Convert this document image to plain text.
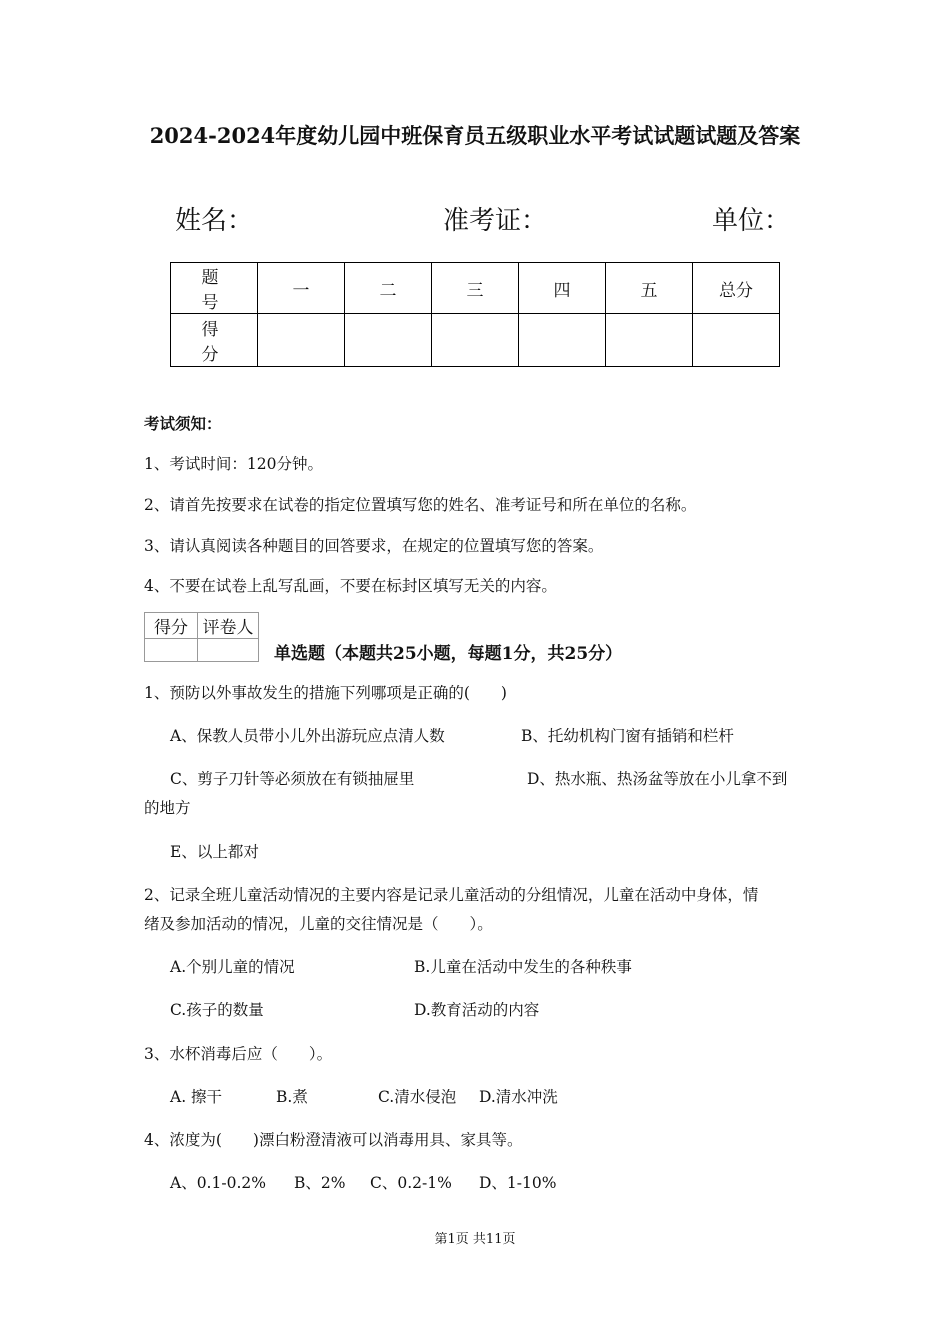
2024-2024年度幼儿园中班保育员五级职业水平考试试题试题及答案
姓名：	准考证：	单位：
题 号	一	二	三	四	五	总分
得 分						
考试须知：
1、考试时间：120分钟。
2、请首先按要求在试卷的指定位置填写您的姓名、准考证号和所在单位的名称。
3、请认真阅读各种题目的回答要求，在规定的位置填写您的答案。
4、不要在试卷上乱写乱画，不要在标封区填写无关的内容。
得分	评卷人

单选题（本题共25小题，每题1分，共25分）
1、预防以外事故发生的措施下列哪项是正确的(　　)
A、保教人员带小儿外出游玩应点清人数	B、托幼机构门窗有插销和栏杆
C、剪子刀针等必须放在有锁抽屉里	D、热水瓶、热汤盆等放在小儿拿不到
的地方
E、以上都对
2、记录全班儿童活动情况的主要内容是记录儿童活动的分组情况，儿童在活动中身体，情
绪及参加活动的情况，儿童的交往情况是（　　）。
A.个别儿童的情况	B.儿童在活动中发生的各种秩事
C.孩子的数量	D.教育活动的内容
3、水杯消毒后应（　　）。
A. 擦干	B.煮	C.清水侵泡 D.清水冲洗
4、浓度为(　　)漂白粉澄清液可以消毒用具、家具等。
A、0.1-0.2% B、2% C、0.2-1% D、1-10%
第1页 共11页
